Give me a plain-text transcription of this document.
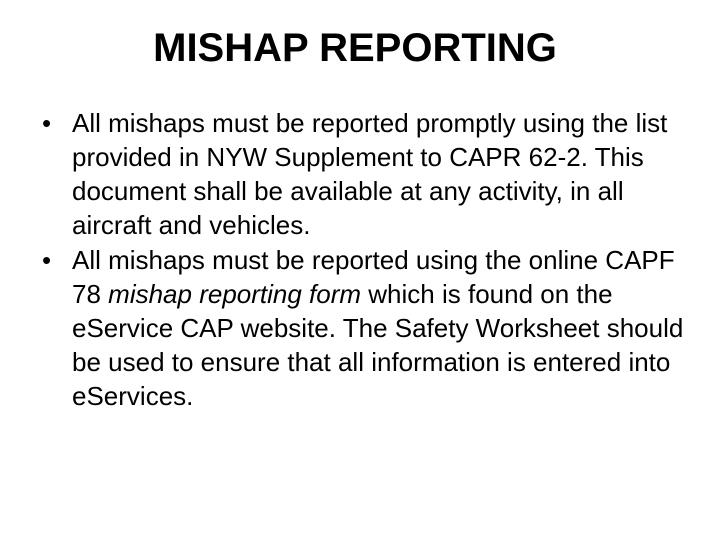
MISHAP REPORTING
• All mishaps must be reported promptly using the list provided in NYW Supplement to CAPR 62-2. This document shall be available at any activity, in all aircraft and vehicles.
• All mishaps must be reported using the online CAPF 78 mishap reporting form which is found on the eService CAP website. The Safety Worksheet should be used to ensure that all information is entered into eServices.
